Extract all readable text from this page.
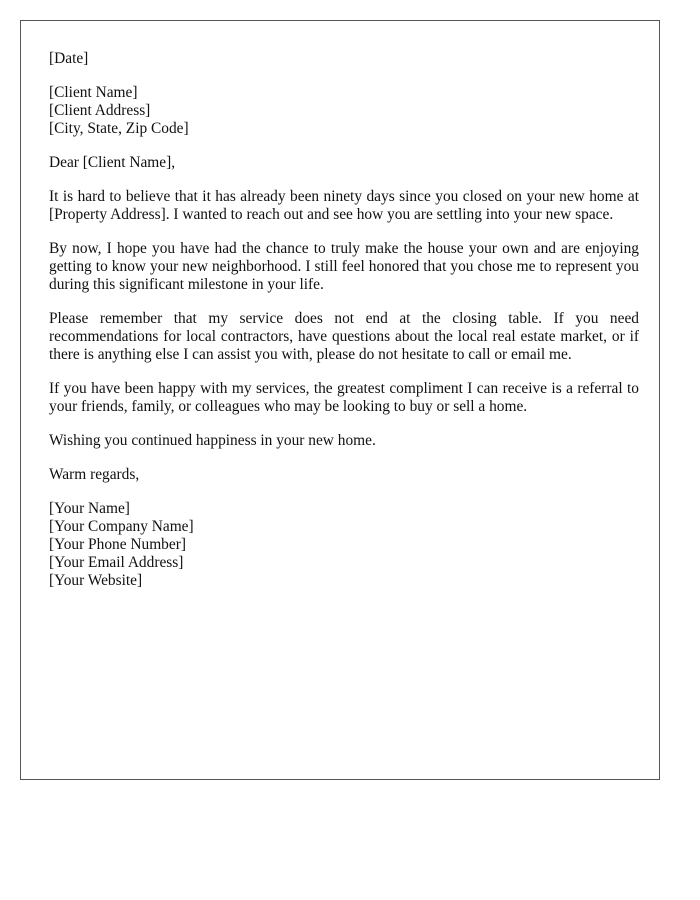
[Date]
[Client Name]
[Client Address]
[City, State, Zip Code]
Dear [Client Name],

It is hard to believe that it has already been ninety days since you closed on your new home at [Property Address]. I wanted to reach out and see how you are settling into your new space.

By now, I hope you have had the chance to truly make the house your own and are enjoying getting to know your new neighborhood. I still feel honored that you chose me to represent you during this significant milestone in your life.

Please remember that my service does not end at the closing table. If you need recommendations for local contractors, have questions about the local real estate market, or if there is anything else I can assist you with, please do not hesitate to call or email me.

If you have been happy with my services, the greatest compliment I can receive is a referral to your friends, family, or colleagues who may be looking to buy or sell a home.

Wishing you continued happiness in your new home.

Warm regards,
[Your Name]
[Your Company Name]
[Your Phone Number]
[Your Email Address]
[Your Website]
